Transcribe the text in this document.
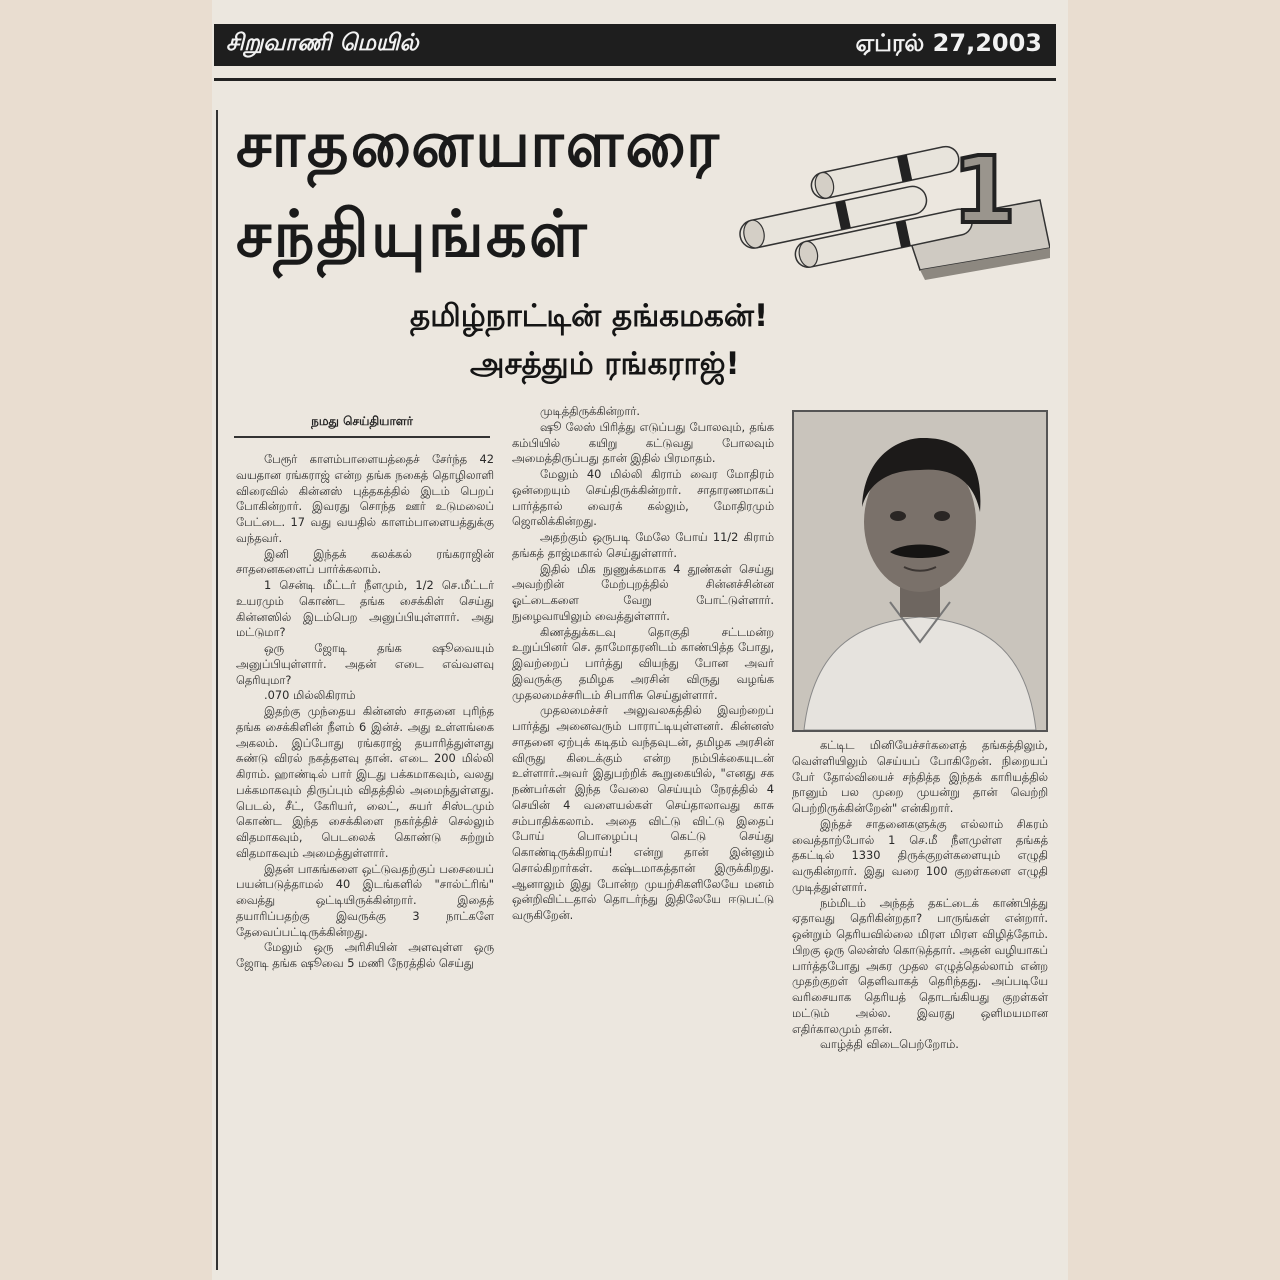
சிறுவாணி மெயில்	ஏப்ரல் 27,2003
சாதனையாளரை
சந்தியுங்கள்	1
தமிழ்நாட்டின் தங்கமகன்!
அசத்தும் ரங்கராஜ்!
நமது செய்தியாளர்

பேரூர் காளம்பாளையத்தைச் சேர்ந்த 42 வயதான ரங்கராஜ் என்ற தங்க நகைத் தொழிலாளி விரைவில் கின்னஸ் புத்தகத்தில் இடம் பெறப் போகின்றார். இவரது சொந்த ஊர் உடுமலைப் பேட்டை. 17 வது வயதில் காளம்பாளையத்துக்கு வந்தவர்.

இனி இந்தக் கலக்கல் ரங்கராஜின் சாதனைகளைப் பார்க்கலாம்.

1 சென்டி மீட்டர் நீளமும், 1/2 செ.மீட்டர் உயரமும் கொண்ட தங்க சைக்கிள் செய்து கின்னஸில் இடம்பெற அனுப்பியுள்ளார். அது மட்டுமா?

ஒரு ஜோடி தங்க ஷூவையும் அனுப்பியுள்ளார். அதன் எடை எவ்வளவு தெரியுமா?

.070 மில்லிகிராம்

இதற்கு முந்தைய கின்னஸ் சாதனை புரிந்த தங்க சைக்கிளின் நீளம் 6 இன்ச். அது உள்ளங்கை அகலம். இப்போது ரங்கராஜ் தயாரித்துள்ளது சுண்டு விரல் நகத்தளவு தான். எடை 200 மில்லி கிராம். ஹாண்டில் பார் இடது பக்கமாகவும், வலது பக்கமாகவும் திருப்பும் விதத்தில் அமைந்துள்ளது. பெடல், சீட், கேரியர், லைட், சுயர் சிஸ்டமும் கொண்ட இந்த சைக்கிளை நகர்த்திச் செல்லும் விதமாகவும், பெடலைக் கொண்டு சுற்றும் விதமாகவும் அமைத்துள்ளார்.

இதன் பாகங்களை ஒட்டுவதற்குப் பசையைப் பயன்படுத்தாமல் 40 இடங்களில் "சால்ட்ரிங்" வைத்து ஒட்டியிருக்கின்றார். இதைத் தயாரிப்பதற்கு இவருக்கு 3 நாட்களே தேவைப்பட்டிருக்கின்றது.

மேலும் ஒரு அரிசியின் அளவுள்ள ஒரு ஜோடி தங்க ஷூவை 5 மணி நேரத்தில் செய்து

முடித்திருக்கின்றார்.

ஷூ லேஸ் பிரித்து எடுப்பது போலவும், தங்க கம்பியில் கயிறு கட்டுவது போலவும் அமைத்திருப்பது தான் இதில் பிரமாதம்.

மேலும் 40 மில்லி கிராம் வைர மோதிரம் ஒன்றையும் செய்திருக்கின்றார். சாதாரணமாகப் பார்த்தால் வைரக் கல்லும், மோதிரமும் ஜொலிக்கின்றது.

அதற்கும் ஒருபடி மேலே போய் 11/2 கிராம் தங்கத் தாஜ்மகால் செய்துள்ளார்.

இதில் மிக நுணுக்கமாக 4 தூண்கள் செய்து அவற்றின் மேற்புறத்தில் சின்னச்சின்ன ஓட்டைகளை வேறு போட்டுள்ளார். நுழைவாயிலும் வைத்துள்ளார்.

கிணத்துக்கடவு தொகுதி சட்டமன்ற உறுப்பினர் செ. தாமோதரனிடம் காண்பித்த போது, இவற்றைப் பார்த்து வியந்து போன அவர் இவருக்கு தமிழக அரசின் விருது வழங்க முதலமைச்சரிடம் சிபாரிசு செய்துள்ளார்.

முதலமைச்சர் அலுவலகத்தில் இவற்றைப் பார்த்து அனைவரும் பாராட்டியுள்ளனர். கின்னஸ் சாதனை ஏற்புக் கடிதம் வந்தவுடன், தமிழக அரசின் விருது கிடைக்கும் என்ற நம்பிக்கையுடன் உள்ளார்.அவர் இதுபற்றிக் கூறுகையில், "எனது சக நண்பர்கள் இந்த வேலை செய்யும் நேரத்தில் 4 செயின் 4 வளையல்கள் செய்தாலாவது காசு சம்பாதிக்கலாம். அதை விட்டு விட்டு இதைப் போய் பொழைப்பு கெட்டு செய்து கொண்டிருக்கிறாய்! என்று தான் இன்னும் சொல்கிறார்கள். கஷ்டமாகத்தான் இருக்கிறது. ஆனாலும் இது போன்ற முயற்சிகளிலேயே மனம் ஒன்றிவிட்டதால் தொடர்ந்து இதிலேயே ஈடுபட்டு வருகிறேன்.

கட்டிட மினியேச்சர்களைத் தங்கத்திலும், வெள்ளியிலும் செய்யப் போகிறேன். நிறையப் பேர் தோல்வியைச் சந்தித்த இந்தக் காரியத்தில் நானும் பல முறை முயன்று தான் வெற்றி பெற்றிருக்கின்றேன்" என்கிறார்.

இந்தச் சாதனைகளுக்கு எல்லாம் சிகரம் வைத்தாற்போல் 1 செ.மீ நீளமுள்ள தங்கத் தகட்டில் 1330 திருக்குறள்களையும் எழுதி வருகின்றார். இது வரை 100 குறள்களை எழுதி முடித்துள்ளார்.

நம்மிடம் அந்தத் தகட்டைக் காண்பித்து ஏதாவது தெரிகின்றதா? பாருங்கள் என்றார். ஒன்றும் தெரியவில்லை மிரள மிரள விழித்தோம். பிறகு ஒரு லென்ஸ் கொடுத்தார். அதன் வழியாகப் பார்த்தபோது அகர முதல எழுத்தெல்லாம் என்ற முதற்குறள் தெளிவாகத் தெரிந்தது. அப்படியே வரிசையாக தெரியத் தொடங்கியது குறள்கள் மட்டும் அல்ல. இவரது ஒளிமயமான எதிர்காலமும் தான்.

வாழ்த்தி விடைபெற்றோம்.
